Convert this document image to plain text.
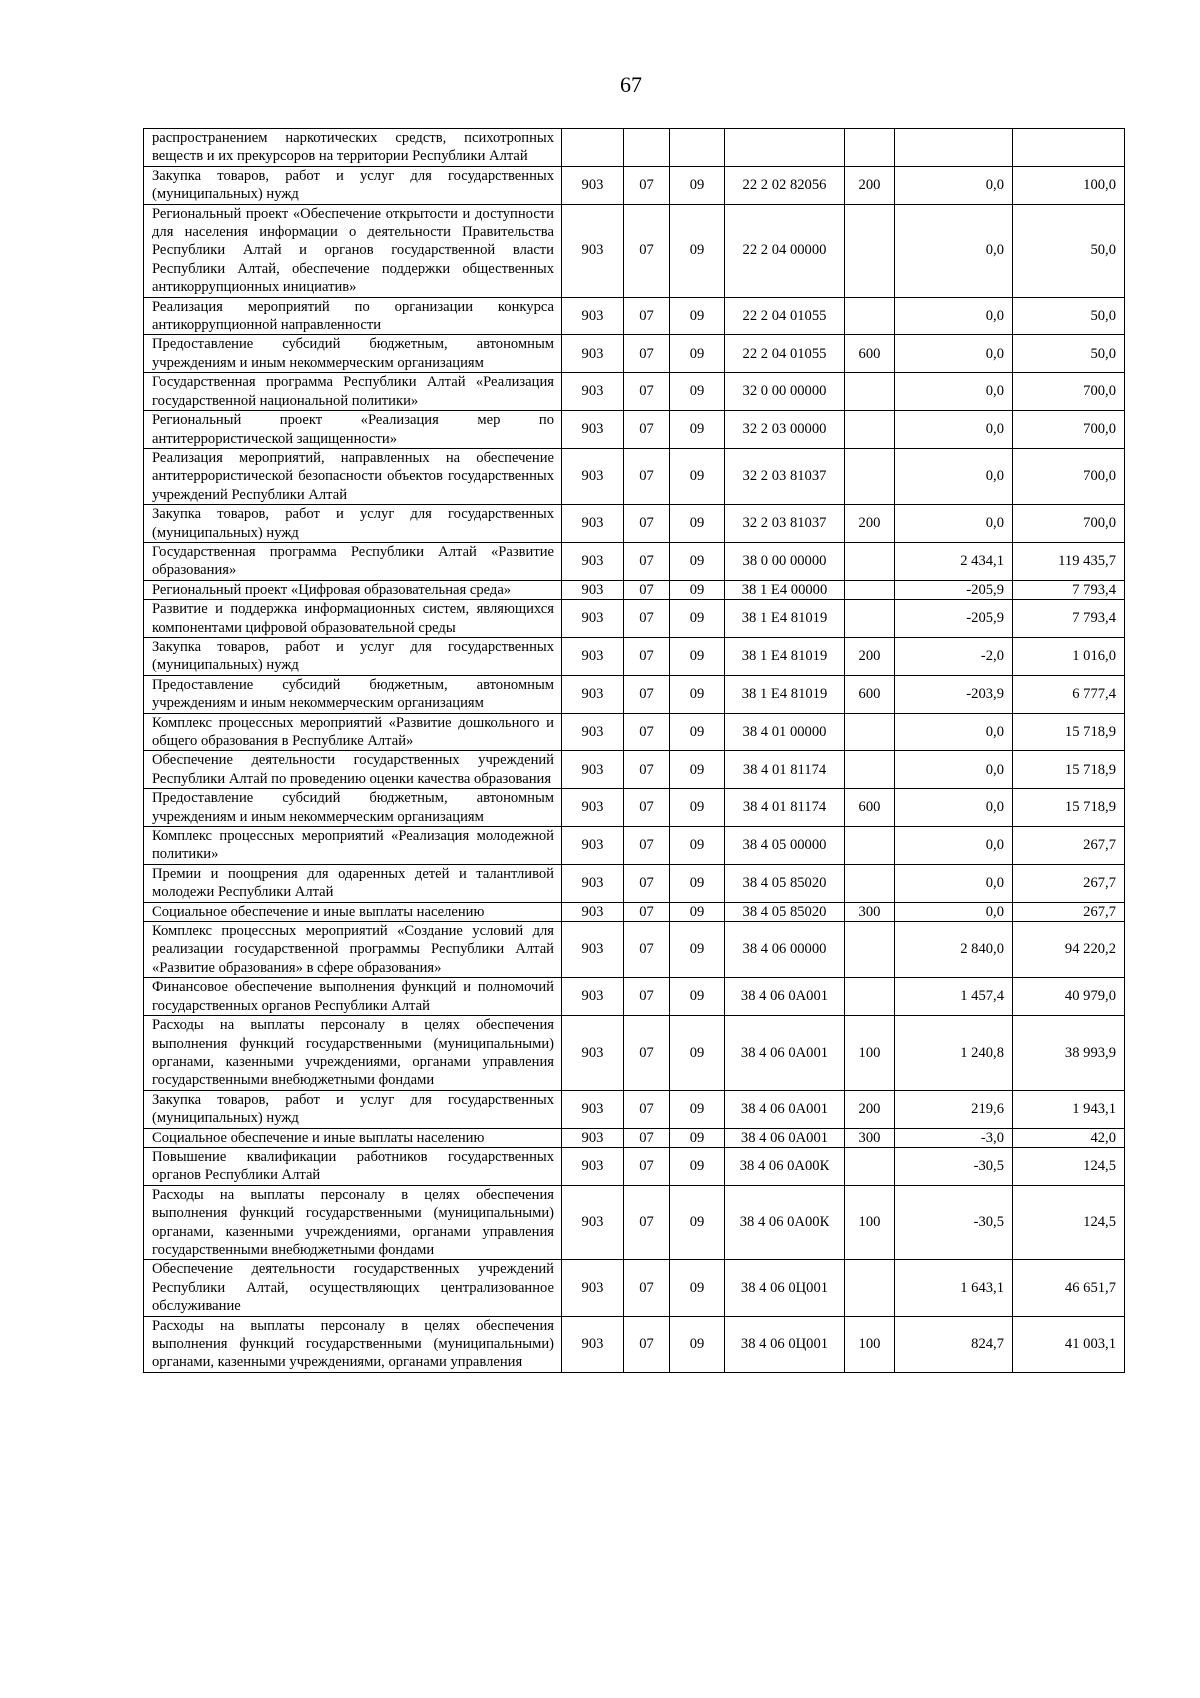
67
распространением наркотических средств, психотропных веществ и их прекурсоров на территории Республики Алтай							
Закупка товаров, работ и услуг для государственных (муниципальных) нужд	903	07	09	22 2 02 82056	200	0,0	100,0
Региональный проект «Обеспечение открытости и доступности для населения информации о деятельности Правительства Республики Алтай и органов государственной власти Республики Алтай, обеспечение поддержки общественных антикоррупционных инициатив»	903	07	09	22 2 04 00000		0,0	50,0
Реализация мероприятий по организации конкурса антикоррупционной направленности	903	07	09	22 2 04 01055		0,0	50,0
Предоставление субсидий бюджетным, автономным учреждениям и иным некоммерческим организациям	903	07	09	22 2 04 01055	600	0,0	50,0
Государственная программа Республики Алтай «Реализация государственной национальной политики»	903	07	09	32 0 00 00000		0,0	700,0
Региональный проект «Реализация мер по антитеррористической защищенности»	903	07	09	32 2 03 00000		0,0	700,0
Реализация мероприятий, направленных на обеспечение антитеррористической безопасности объектов государственных учреждений Республики Алтай	903	07	09	32 2 03 81037		0,0	700,0
Закупка товаров, работ и услуг для государственных (муниципальных) нужд	903	07	09	32 2 03 81037	200	0,0	700,0
Государственная программа Республики Алтай «Развитие образования»	903	07	09	38 0 00 00000		2 434,1	119 435,7
Региональный проект «Цифровая образовательная среда»	903	07	09	38 1 Е4 00000		-205,9	7 793,4
Развитие и поддержка информационных систем, являющихся компонентами цифровой образовательной среды	903	07	09	38 1 Е4 81019		-205,9	7 793,4
Закупка товаров, работ и услуг для государственных (муниципальных) нужд	903	07	09	38 1 Е4 81019	200	-2,0	1 016,0
Предоставление субсидий бюджетным, автономным учреждениям и иным некоммерческим организациям	903	07	09	38 1 Е4 81019	600	-203,9	6 777,4
Комплекс процессных мероприятий «Развитие дошкольного и общего образования в Республике Алтай»	903	07	09	38 4 01 00000		0,0	15 718,9
Обеспечение деятельности государственных учреждений Республики Алтай по проведению оценки качества образования	903	07	09	38 4 01 81174		0,0	15 718,9
Предоставление субсидий бюджетным, автономным учреждениям и иным некоммерческим организациям	903	07	09	38 4 01 81174	600	0,0	15 718,9
Комплекс процессных мероприятий «Реализация молодежной политики»	903	07	09	38 4 05 00000		0,0	267,7
Премии и поощрения для одаренных детей и талантливой молодежи Республики Алтай	903	07	09	38 4 05 85020		0,0	267,7
Социальное обеспечение и иные выплаты населению	903	07	09	38 4 05 85020	300	0,0	267,7
Комплекс процессных мероприятий «Создание условий для реализации государственной программы Республики Алтай «Развитие образования» в сфере образования»	903	07	09	38 4 06 00000		2 840,0	94 220,2
Финансовое обеспечение выполнения функций и полномочий государственных органов Республики Алтай	903	07	09	38 4 06 0А001		1 457,4	40 979,0
Расходы на выплаты персоналу в целях обеспечения выполнения функций государственными (муниципальными) органами, казенными учреждениями, органами управления государственными внебюджетными фондами	903	07	09	38 4 06 0А001	100	1 240,8	38 993,9
Закупка товаров, работ и услуг для государственных (муниципальных) нужд	903	07	09	38 4 06 0А001	200	219,6	1 943,1
Социальное обеспечение и иные выплаты населению	903	07	09	38 4 06 0А001	300	-3,0	42,0
Повышение квалификации работников государственных органов Республики Алтай	903	07	09	38 4 06 0А00К		-30,5	124,5
Расходы на выплаты персоналу в целях обеспечения выполнения функций государственными (муниципальными) органами, казенными учреждениями, органами управления государственными внебюджетными фондами	903	07	09	38 4 06 0А00К	100	-30,5	124,5
Обеспечение деятельности государственных учреждений Республики Алтай, осуществляющих централизованное обслуживание	903	07	09	38 4 06 0Ц001		1 643,1	46 651,7
Расходы на выплаты персоналу в целях обеспечения выполнения функций государственными (муниципальными) органами, казенными учреждениями, органами управления	903	07	09	38 4 06 0Ц001	100	824,7	41 003,1
